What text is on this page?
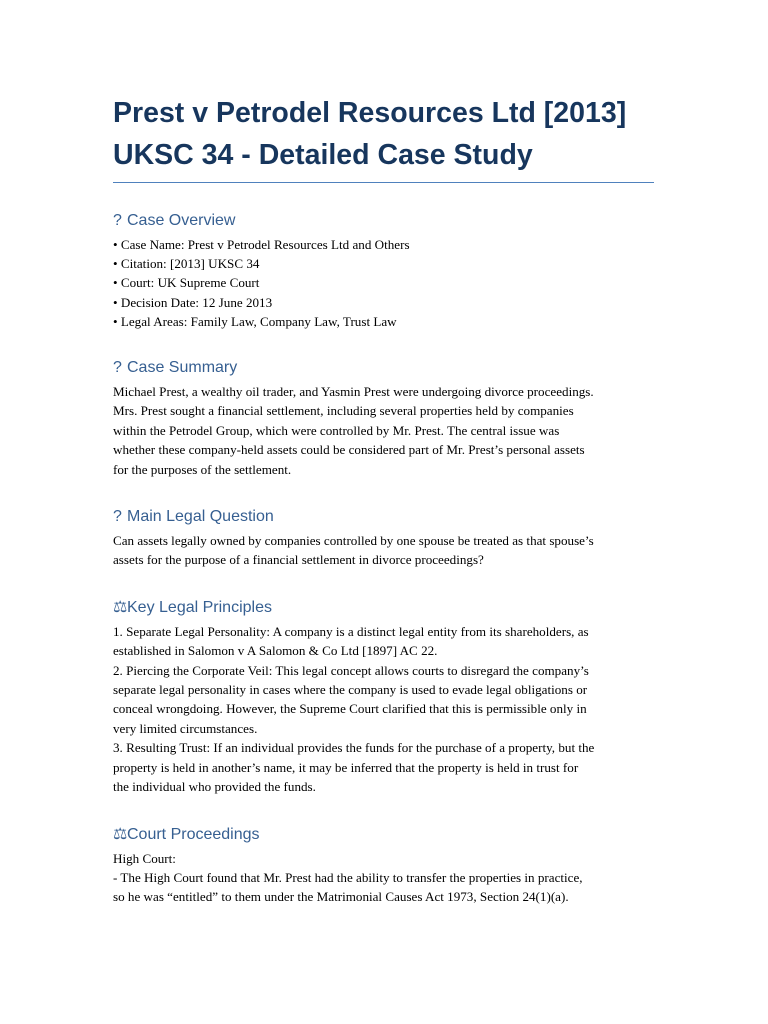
Prest v Petrodel Resources Ltd [2013]
UKSC 34 - Detailed Case Study
? Case Overview
• Case Name: Prest v Petrodel Resources Ltd and Others
• Citation: [2013] UKSC 34
• Court: UK Supreme Court
• Decision Date: 12 June 2013
• Legal Areas: Family Law, Company Law, Trust Law
? Case Summary

Michael Prest, a wealthy oil trader, and Yasmin Prest were undergoing divorce proceedings.

Mrs. Prest sought a financial settlement, including several properties held by companies

within the Petrodel Group, which were controlled by Mr. Prest. The central issue was

whether these company-held assets could be considered part of Mr. Prest’s personal assets

for the purposes of the settlement.

? Main Legal Question

Can assets legally owned by companies controlled by one spouse be treated as that spouse’s

assets for the purpose of a financial settlement in divorce proceedings?

⚖Key Legal Principles

1. Separate Legal Personality: A company is a distinct legal entity from its shareholders, as

established in Salomon v A Salomon & Co Ltd [1897] AC 22.

2. Piercing the Corporate Veil: This legal concept allows courts to disregard the company’s

separate legal personality in cases where the company is used to evade legal obligations or

conceal wrongdoing. However, the Supreme Court clarified that this is permissible only in

very limited circumstances.

3. Resulting Trust: If an individual provides the funds for the purchase of a property, but the

property is held in another’s name, it may be inferred that the property is held in trust for

the individual who provided the funds.

⚖Court Proceedings

High Court:

- The High Court found that Mr. Prest had the ability to transfer the properties in practice,

so he was “entitled” to them under the Matrimonial Causes Act 1973, Section 24(1)(a).
